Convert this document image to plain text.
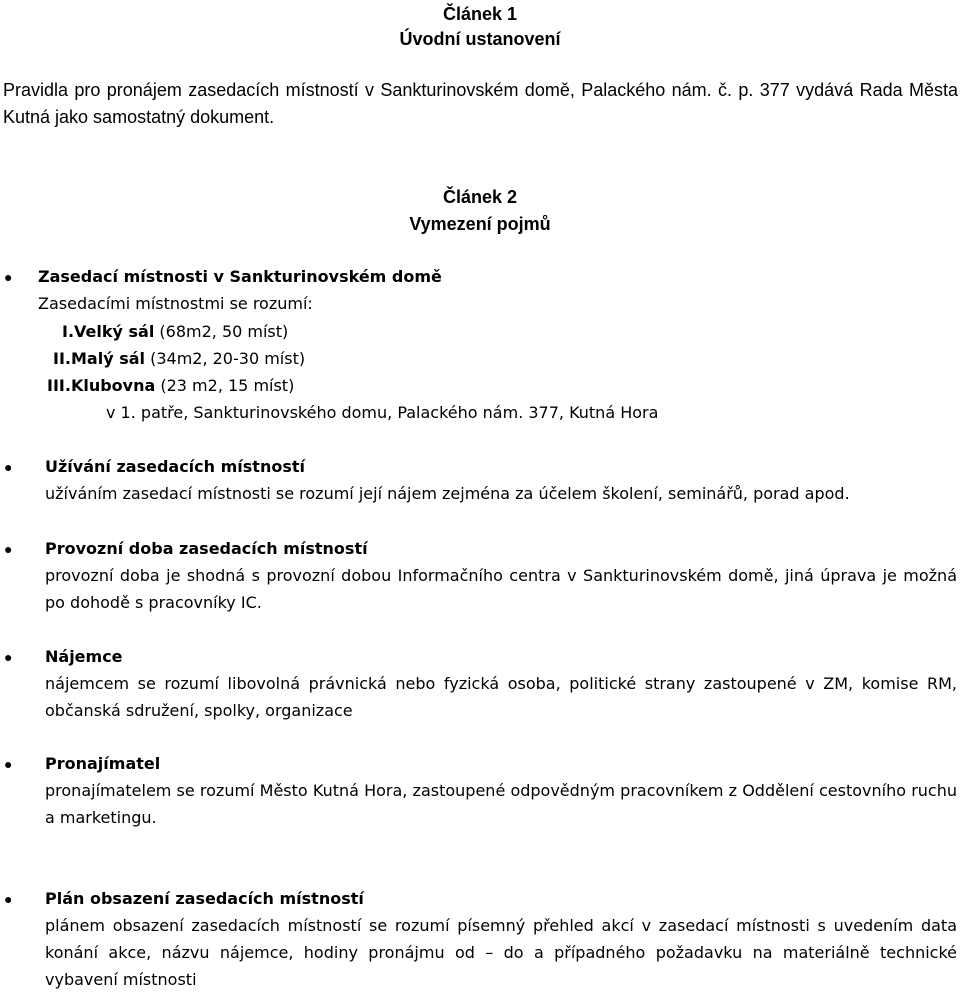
Článek 1
Úvodní ustanovení
Pravidla pro pronájem zasedacích místností v Sankturinovském domě, Palackého nám. č. p. 377 vydává Rada Města Kutná jako samostatný dokument.
Článek 2
Vymezení pojmů
● Zasedací místnosti v Sankturinovském domě
Zasedacími místnostmi se rozumí:
I.Velký sál (68m2, 50 míst)
II.Malý sál (34m2, 20-30 míst)
III.Klubovna (23 m2, 15 míst)
v 1. patře, Sankturinovského domu, Palackého nám. 377, Kutná Hora
● Užívání zasedacích místností
užíváním zasedací místnosti se rozumí její nájem zejména za účelem školení, seminářů, porad apod.
● Provozní doba zasedacích místností
provozní doba je shodná s provozní dobou Informačního centra v Sankturinovském domě, jiná úprava je možná po dohodě s pracovníky IC.
● Nájemce
nájemcem se rozumí libovolná právnická nebo fyzická osoba, politické strany zastoupené v ZM, komise RM, občanská sdružení, spolky, organizace
● Pronajímatel
pronajímatelem se rozumí Město Kutná Hora, zastoupené odpovědným pracovníkem z Oddělení cestovního ruchu a marketingu.
● Plán obsazení zasedacích místností
plánem obsazení zasedacích místností se rozumí písemný přehled akcí v zasedací místnosti s uvedením data konání akce, názvu nájemce, hodiny pronájmu od – do a případného požadavku na materiálně technické vybavení místnosti
